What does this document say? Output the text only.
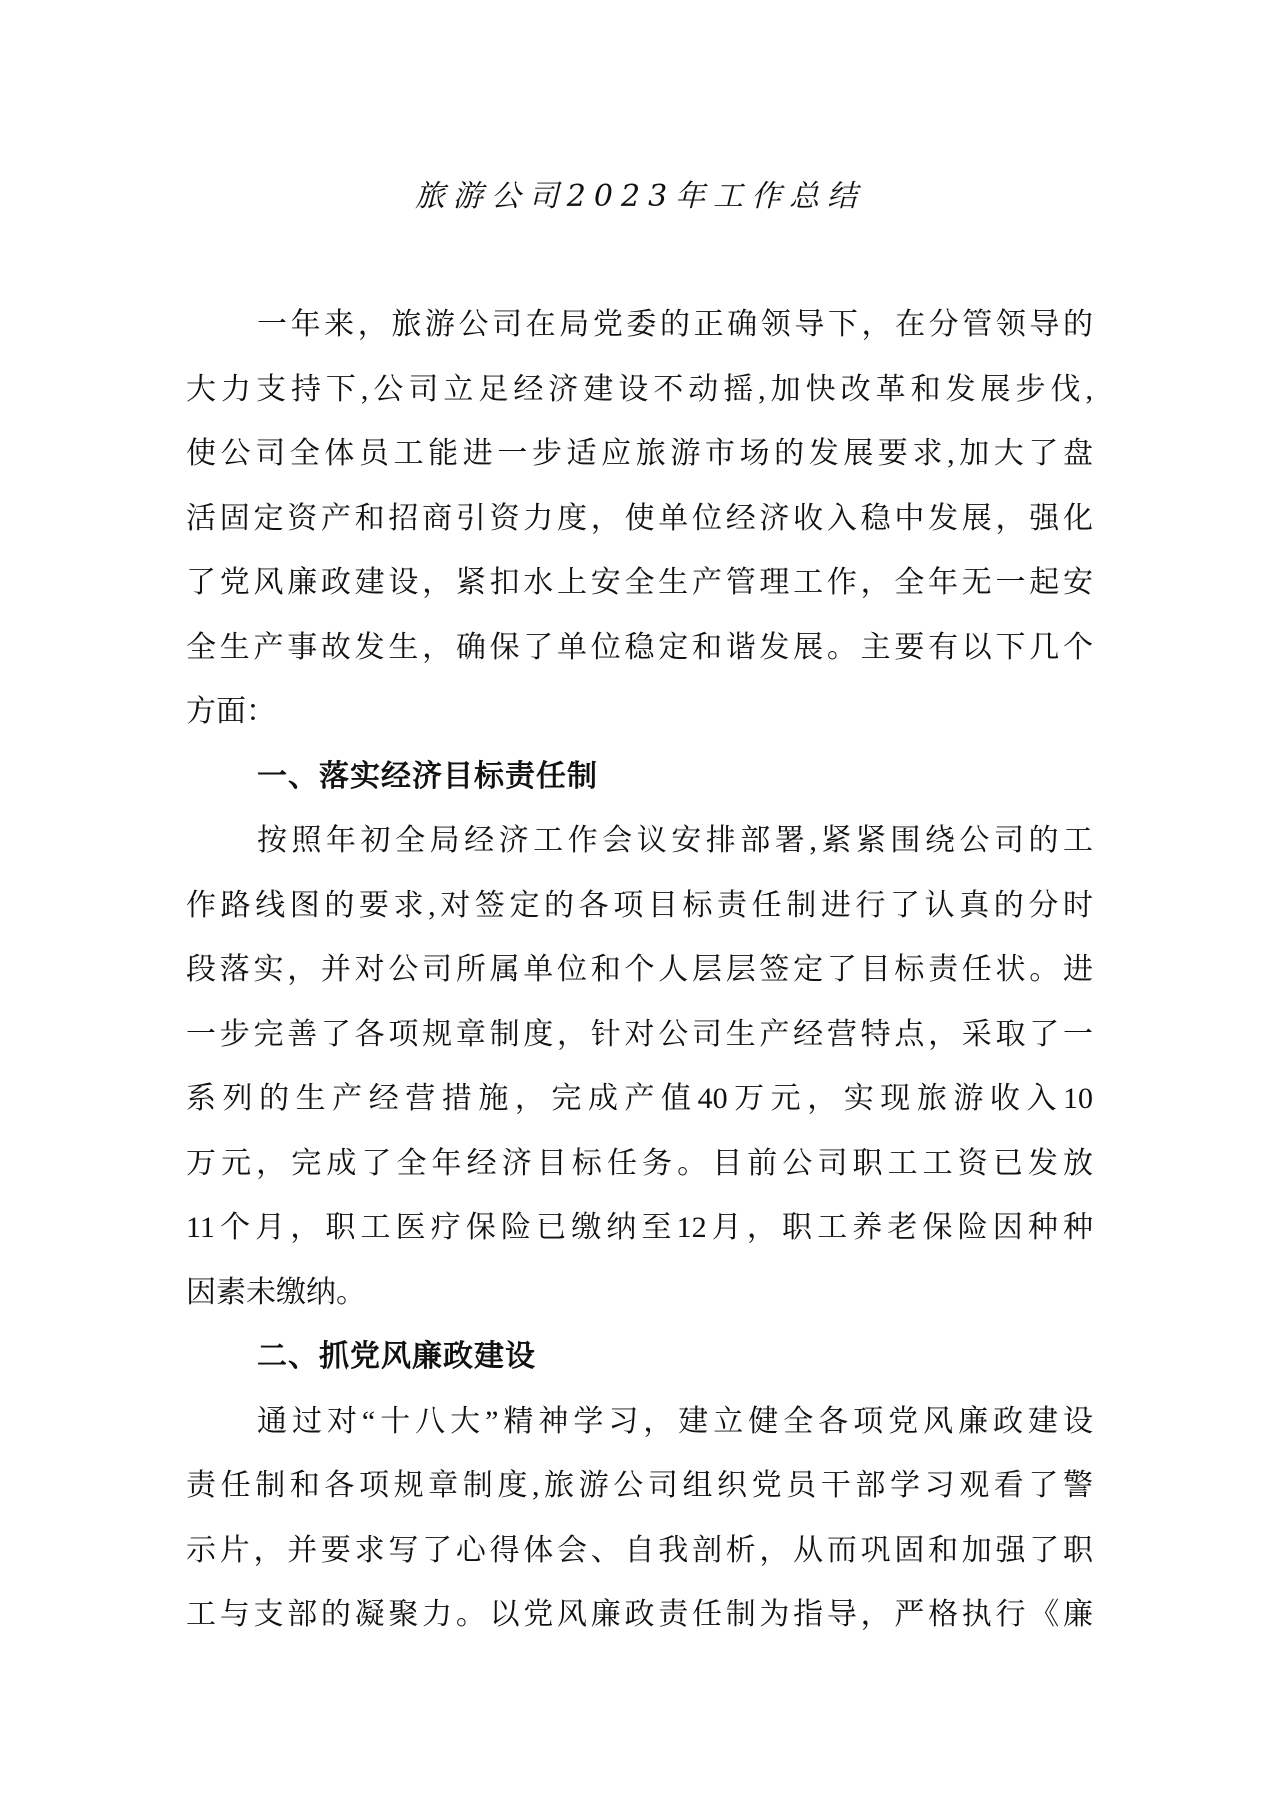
旅游公司2023年工作总结
一年来，旅游公司在局党委的正确领导下，在分管领导的
大力支持下,公司立足经济建设不动摇,加快改革和发展步伐,
使公司全体员工能进一步适应旅游市场的发展要求,加大了盘
活固定资产和招商引资力度，使单位经济收入稳中发展，强化
了党风廉政建设，紧扣水上安全生产管理工作，全年无一起安
全生产事故发生，确保了单位稳定和谐发展。主要有以下几个
方面：
一、落实经济目标责任制
按照年初全局经济工作会议安排部署,紧紧围绕公司的工
作路线图的要求,对签定的各项目标责任制进行了认真的分时
段落实，并对公司所属单位和个人层层签定了目标责任状。进
一步完善了各项规章制度，针对公司生产经营特点，采取了一
系列的生产经营措施，完成产值40万元，实现旅游收入10
万元，完成了全年经济目标任务。目前公司职工工资已发放
11个月，职工医疗保险已缴纳至12月，职工养老保险因种种
因素未缴纳。
二、抓党风廉政建设
通过对“十八大”精神学习，建立健全各项党风廉政建设
责任制和各项规章制度,旅游公司组织党员干部学习观看了警
示片，并要求写了心得体会、自我剖析，从而巩固和加强了职
工与支部的凝聚力。以党风廉政责任制为指导，严格执行《廉
